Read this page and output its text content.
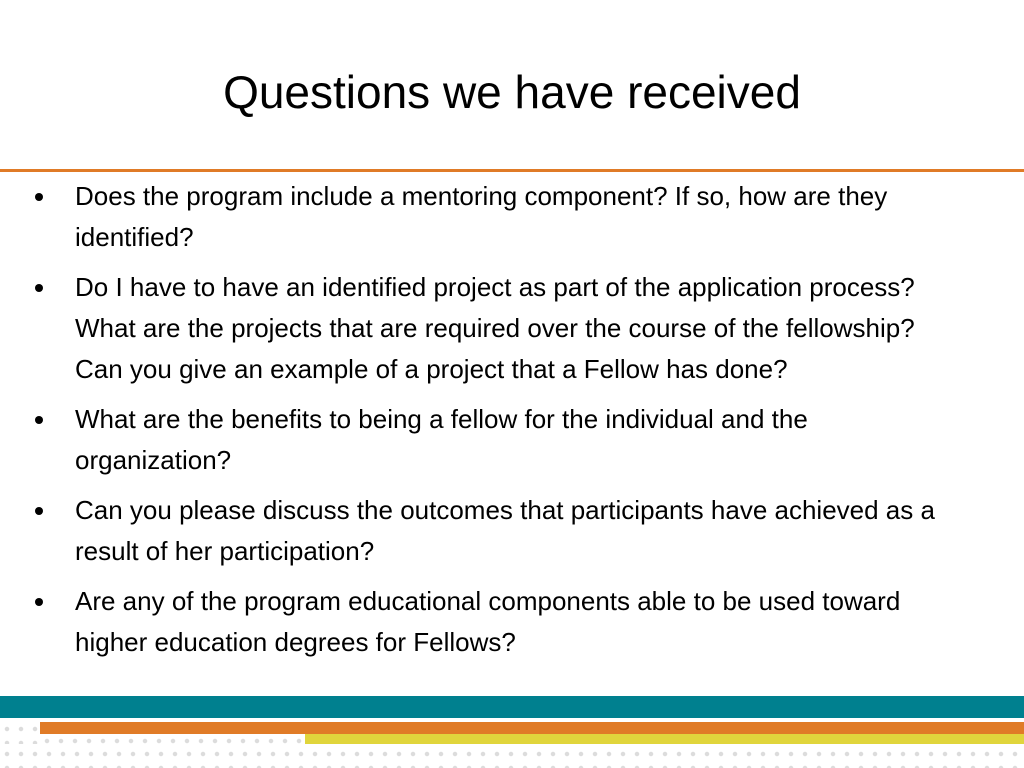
Questions we have received
Does the program include a mentoring component? If so, how are they identified?
Do I have to have an identified project as part of the application process? What are the projects that are required over the course of the fellowship? Can you give an example of a project that a Fellow has done?
What are the benefits to being a fellow for the individual and the organization?
Can you please discuss the outcomes that participants have achieved as a result of her participation?
Are any of the program educational components able to be used toward higher education degrees for Fellows?
